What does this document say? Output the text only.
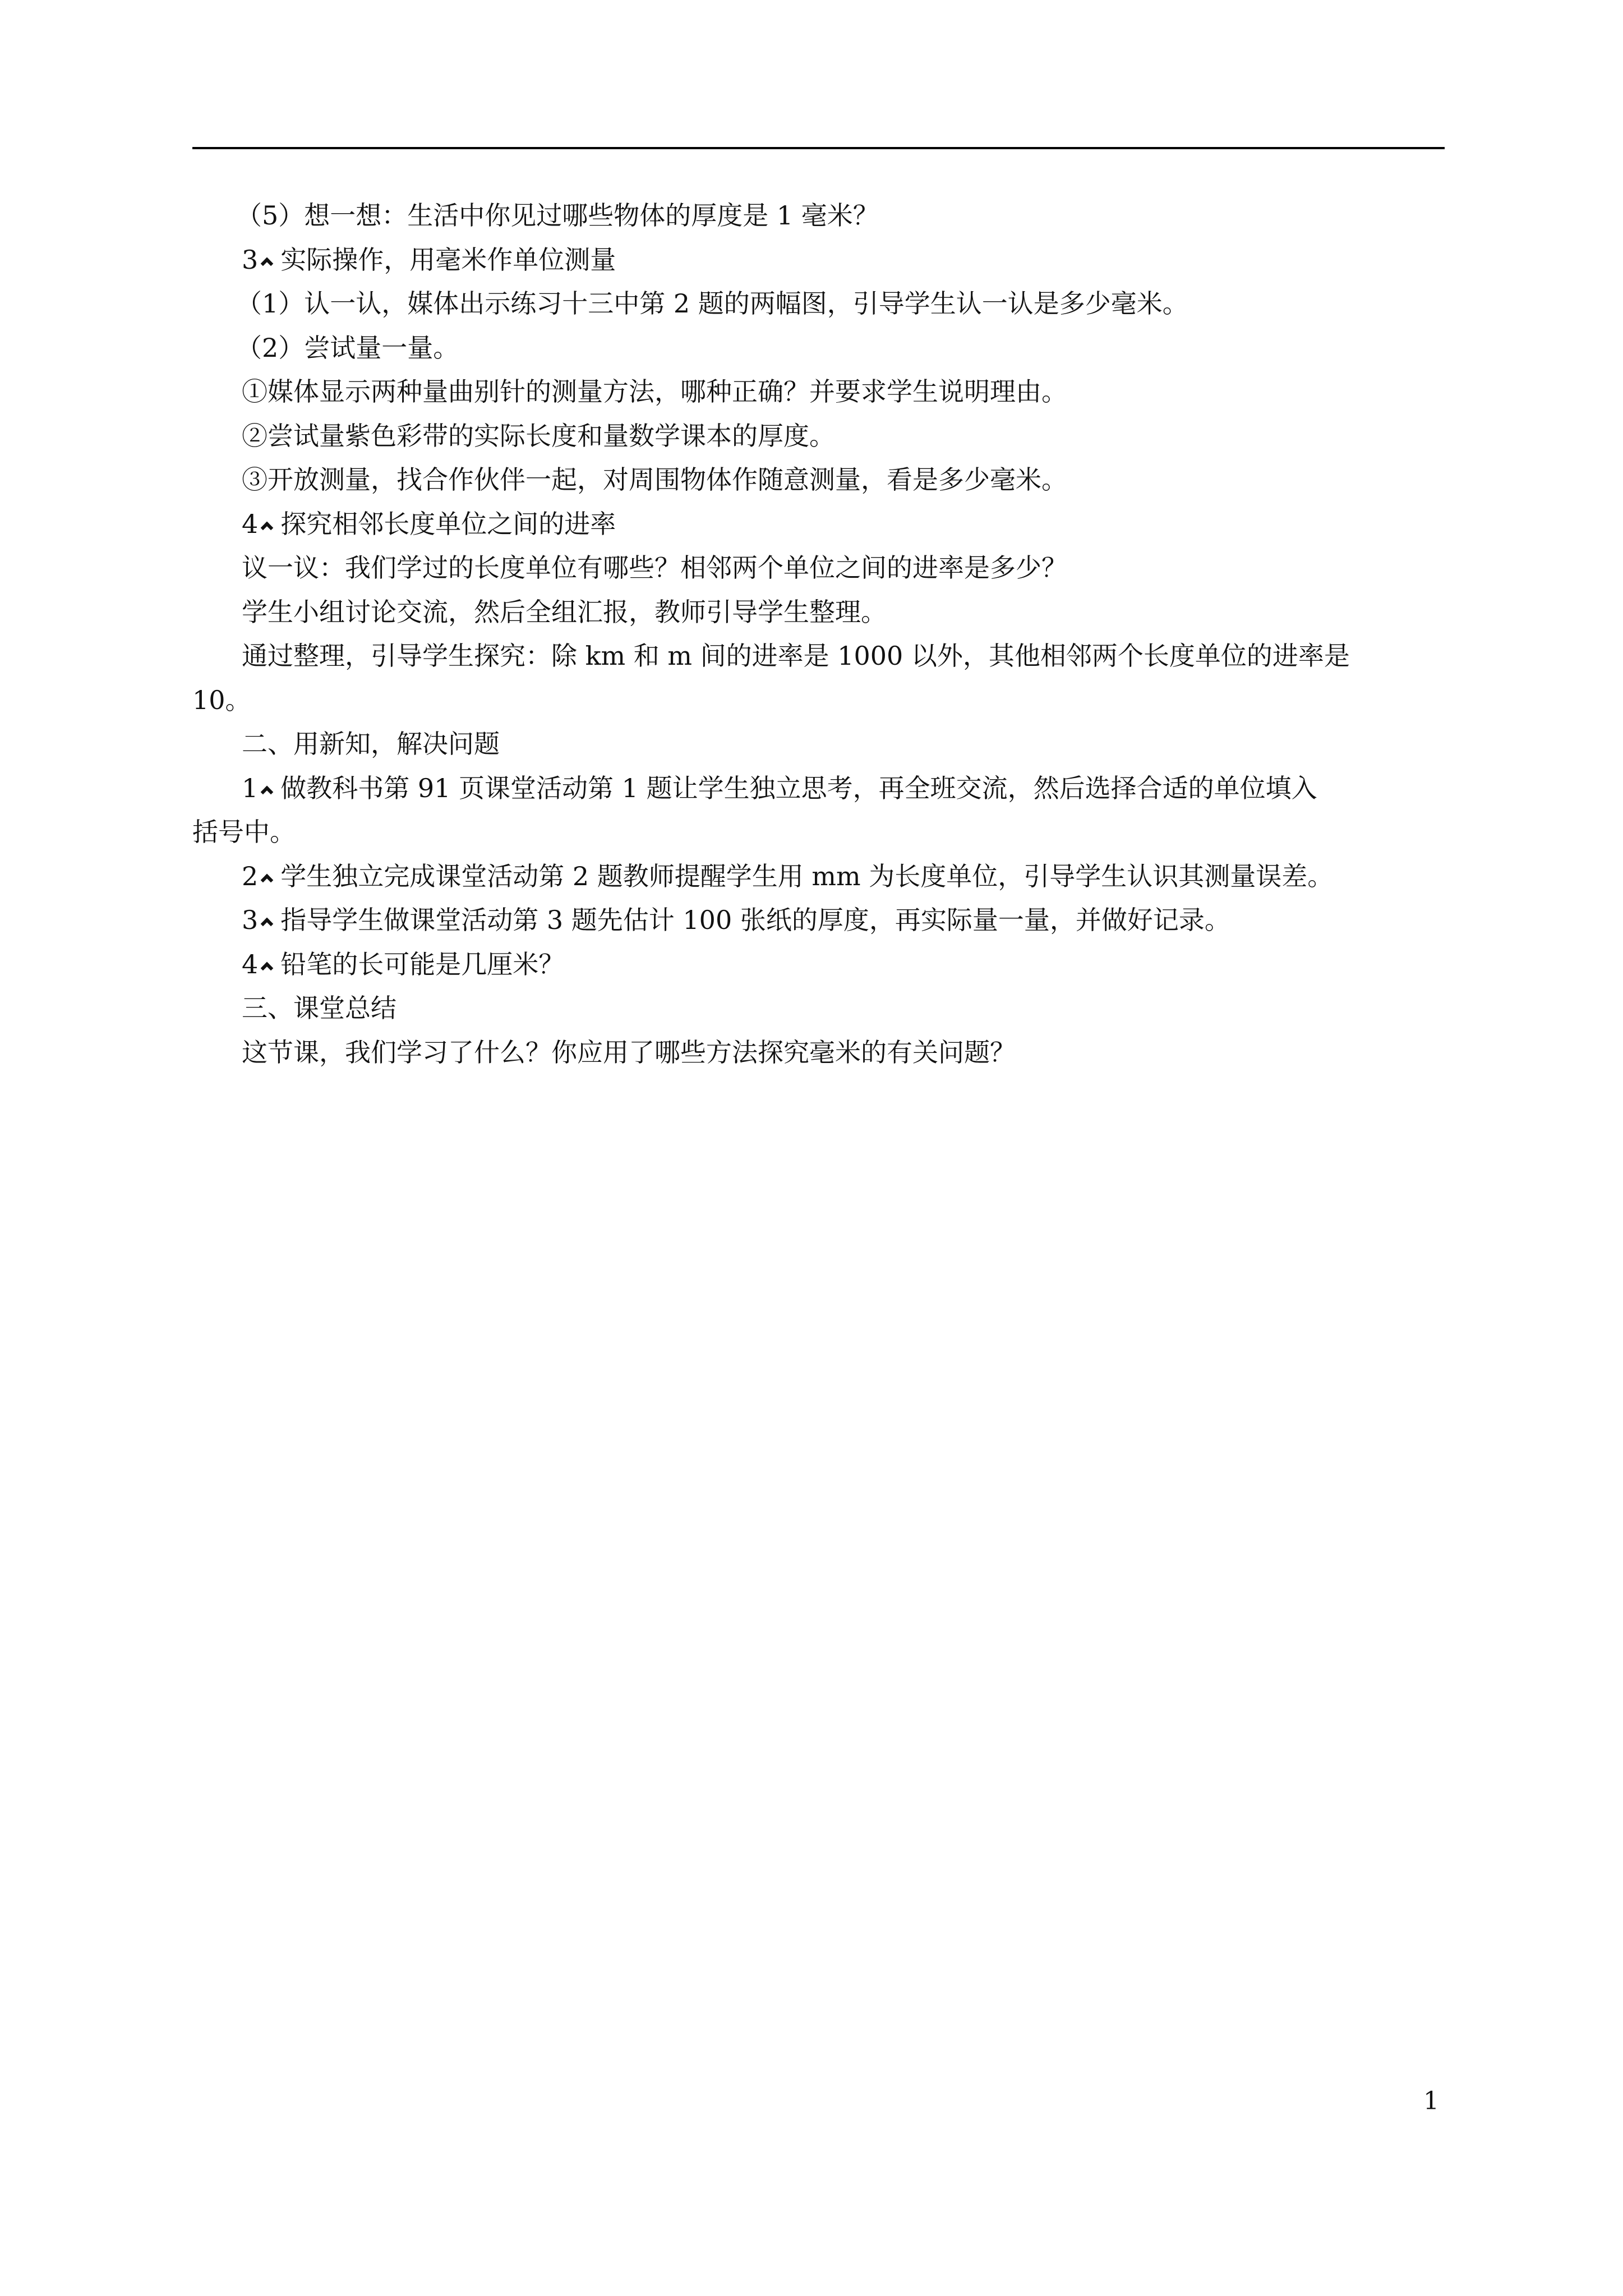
（5）想一想：生活中你见过哪些物体的厚度是 1 毫米？

3 实际操作，用毫米作单位测量

（1）认一认，媒体出示练习十三中第 2 题的两幅图，引导学生认一认是多少毫米。

（2）尝试量一量。

①媒体显示两种量曲别针的测量方法，哪种正确？并要求学生说明理由。

②尝试量紫色彩带的实际长度和量数学课本的厚度。

③开放测量，找合作伙伴一起，对周围物体作随意测量，看是多少毫米。

4 探究相邻长度单位之间的进率

议一议：我们学过的长度单位有哪些？相邻两个单位之间的进率是多少？

学生小组讨论交流，然后全组汇报，教师引导学生整理。

通过整理，引导学生探究：除 km 和 m 间的进率是 1000 以外，其他相邻两个长度单位的进率是

10。

二、用新知，解决问题

1 做教科书第 91 页课堂活动第 1 题让学生独立思考，再全班交流，然后选择合适的单位填入

括号中。

2 学生独立完成课堂活动第 2 题教师提醒学生用 mm 为长度单位，引导学生认识其测量误差。

3 指导学生做课堂活动第 3 题先估计 100 张纸的厚度，再实际量一量，并做好记录。

4 铅笔的长可能是几厘米？

三、课堂总结

这节课，我们学习了什么？你应用了哪些方法探究毫米的有关问题？

1
